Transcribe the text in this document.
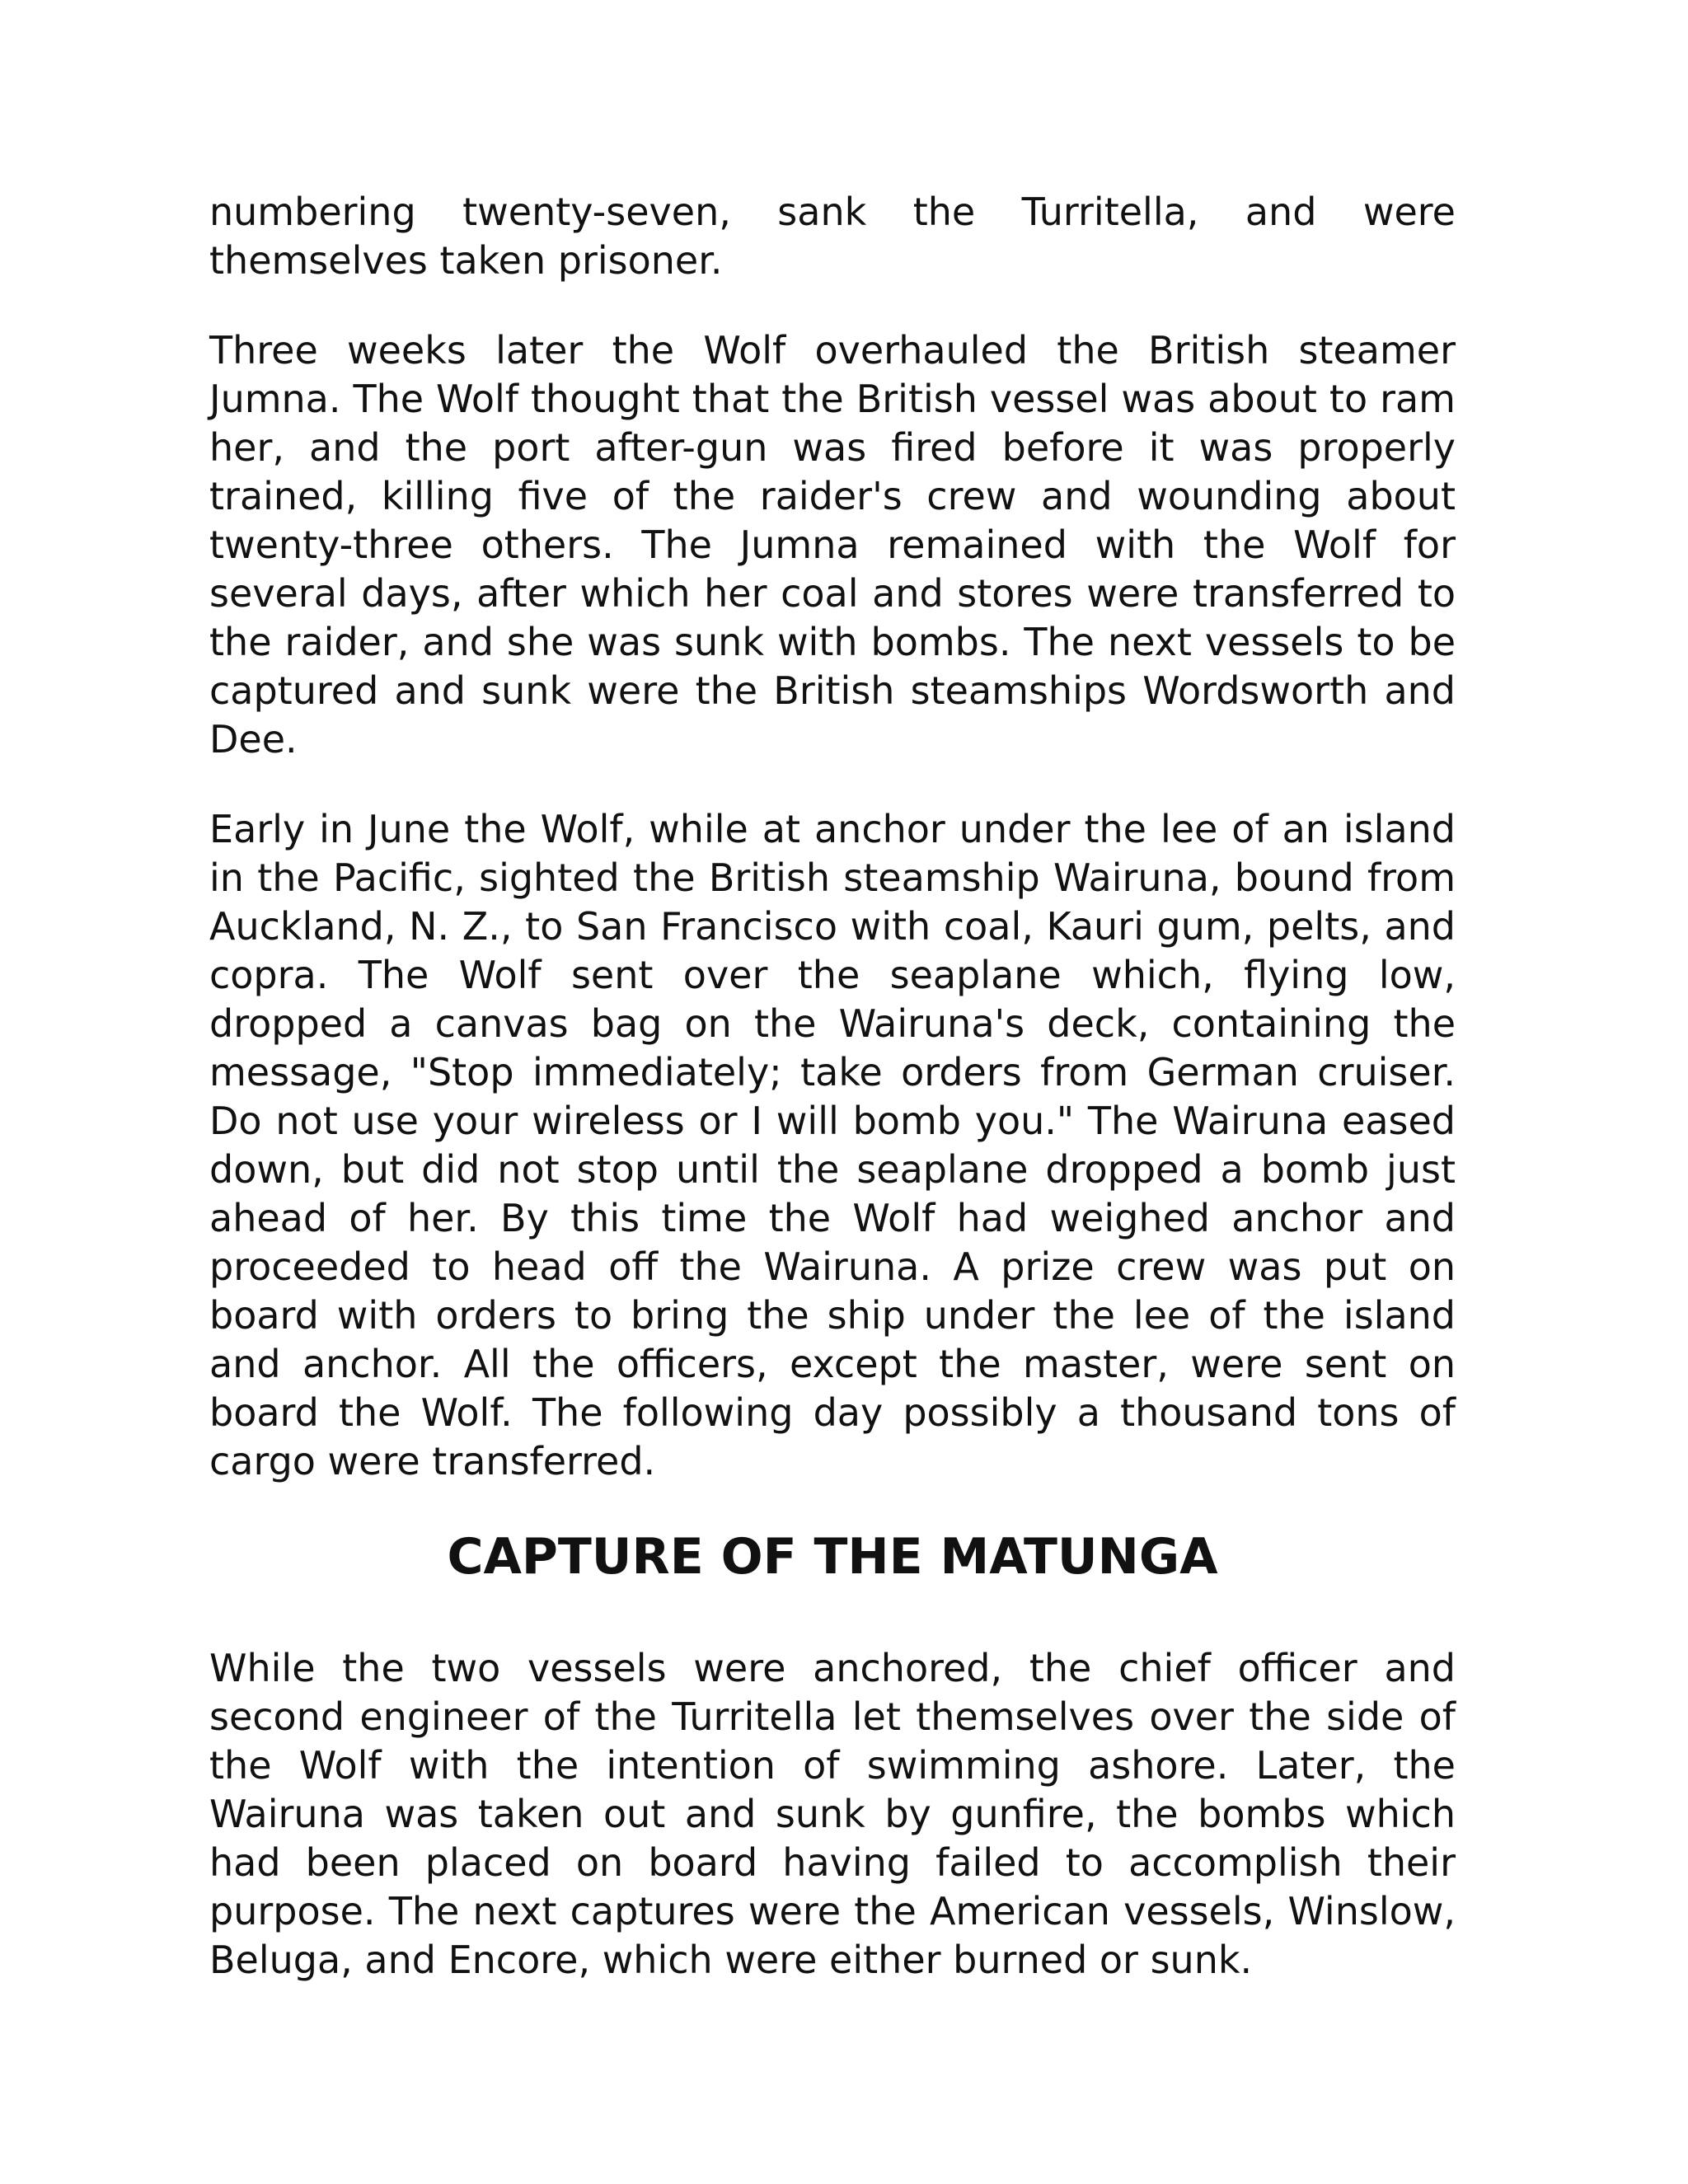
numbering twenty-seven, sank the Turritella, and were themselves taken prisoner.

Three weeks later the Wolf overhauled the British steamer Jumna. The Wolf thought that the British vessel was about to ram her, and the port after-gun was fired before it was properly trained, killing five of the raider's crew and wounding about twenty-three others. The Jumna remained with the Wolf for several days, after which her coal and stores were transferred to the raider, and she was sunk with bombs. The next vessels to be captured and sunk were the British steamships Wordsworth and Dee.

Early in June the Wolf, while at anchor under the lee of an island in the Pacific, sighted the British steamship Wairuna, bound from Auckland, N. Z., to San Francisco with coal, Kauri gum, pelts, and copra. The Wolf sent over the seaplane which, flying low, dropped a canvas bag on the Wairuna's deck, containing the message, "Stop immediately; take orders from German cruiser. Do not use your wireless or I will bomb you." The Wairuna eased down, but did not stop until the seaplane dropped a bomb just ahead of her. By this time the Wolf had weighed anchor and proceeded to head off the Wairuna. A prize crew was put on board with orders to bring the ship under the lee of the island and anchor. All the officers, except the master, were sent on board the Wolf. The following day possibly a thousand tons of cargo were transferred.

CAPTURE OF THE MATUNGA

While the two vessels were anchored, the chief officer and second engineer of the Turritella let themselves over the side of the Wolf with the intention of swimming ashore. Later, the Wairuna was taken out and sunk by gunfire, the bombs which had been placed on board having failed to accomplish their purpose. The next captures were the American vessels, Winslow, Beluga, and Encore, which were either burned or sunk.
